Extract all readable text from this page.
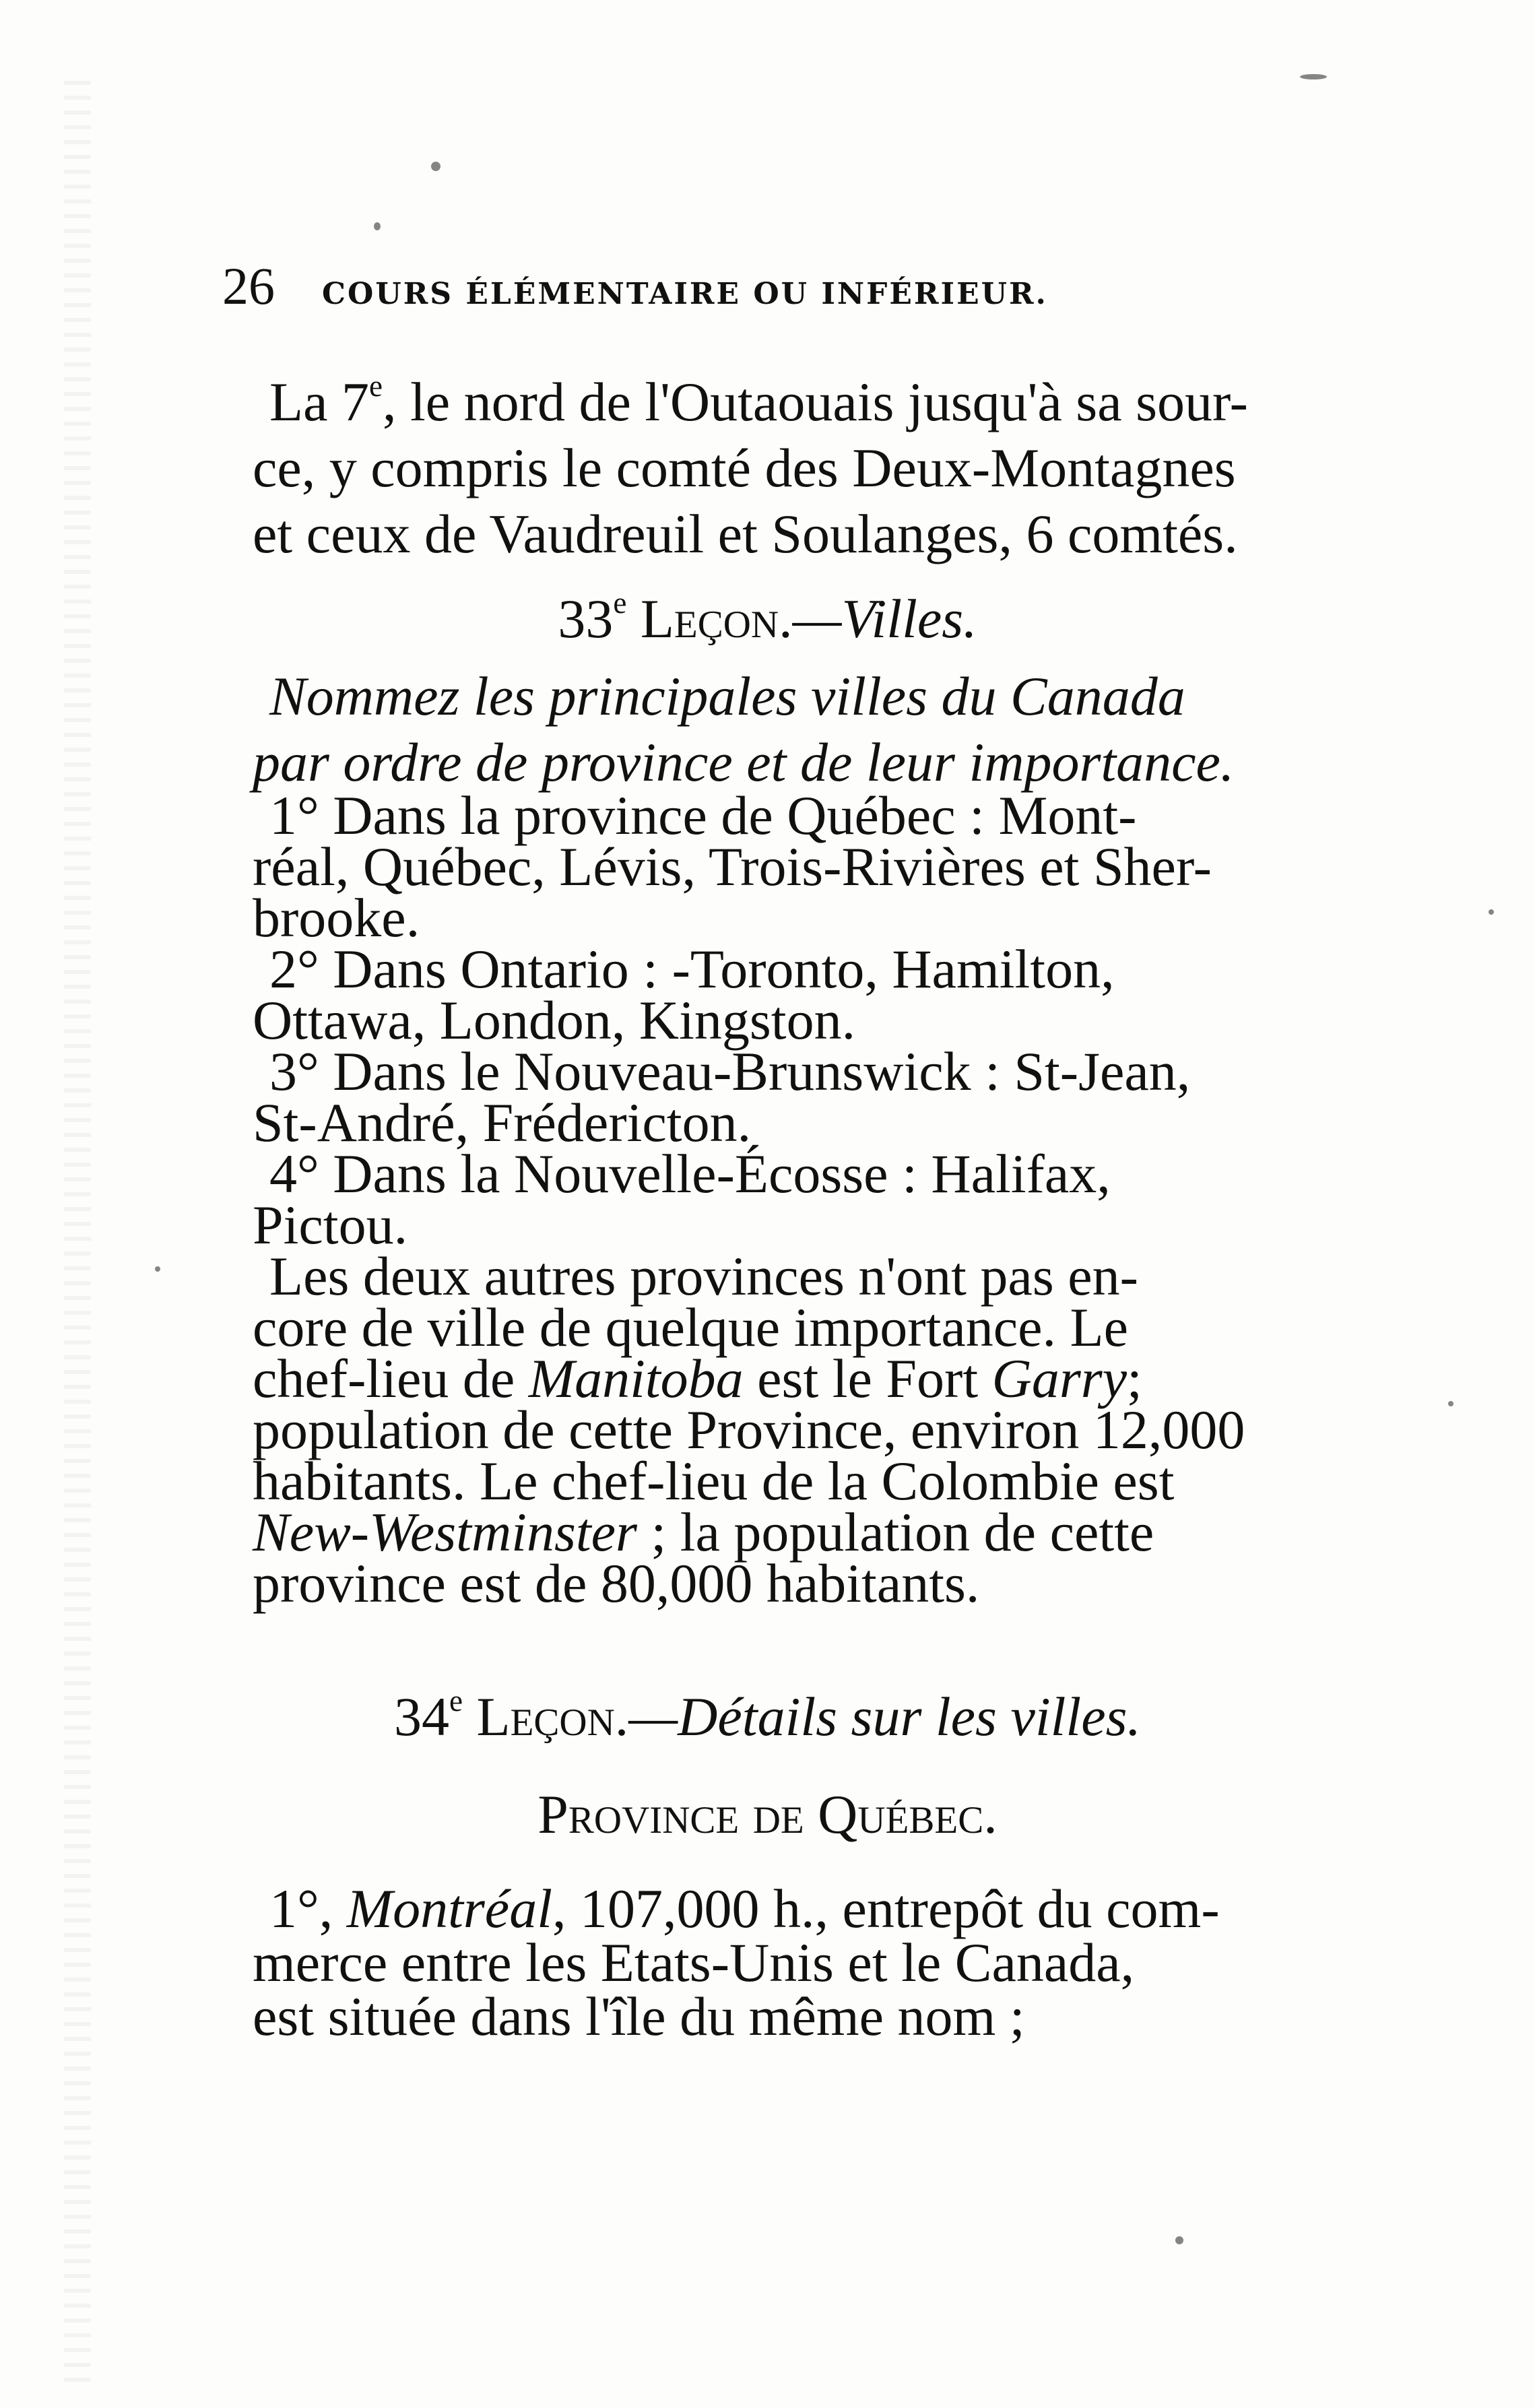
26 COURS ÉLÉMENTAIRE OU INFÉRIEUR.
La 7e, le nord de l'Outaouais jusqu'à sa sour-
ce, y compris le comté des Deux-Montagnes
et ceux de Vaudreuil et Soulanges, 6 comtés.
33e Leçon.—Villes.
Nommez les principales villes du Canada
par ordre de province et de leur importance.
1° Dans la province de Québec : Mont-
réal, Québec, Lévis, Trois-Rivières et Sher-
brooke.
2° Dans Ontario : -Toronto, Hamilton,
Ottawa, London, Kingston.
3° Dans le Nouveau-Brunswick : St-Jean,
St-André, Frédericton.
4° Dans la Nouvelle-Écosse : Halifax,
Pictou.
Les deux autres provinces n'ont pas en-
core de ville de quelque importance. Le
chef-lieu de Manitoba est le Fort Garry;
population de cette Province, environ 12,000
habitants. Le chef-lieu de la Colombie est
New-Westminster ; la population de cette
province est de 80,000 habitants.
34e Leçon.—Détails sur les villes.
Province de Québec.
1°, Montréal, 107,000 h., entrepôt du com-
merce entre les Etats-Unis et le Canada,
est située dans l'île du même nom ;
